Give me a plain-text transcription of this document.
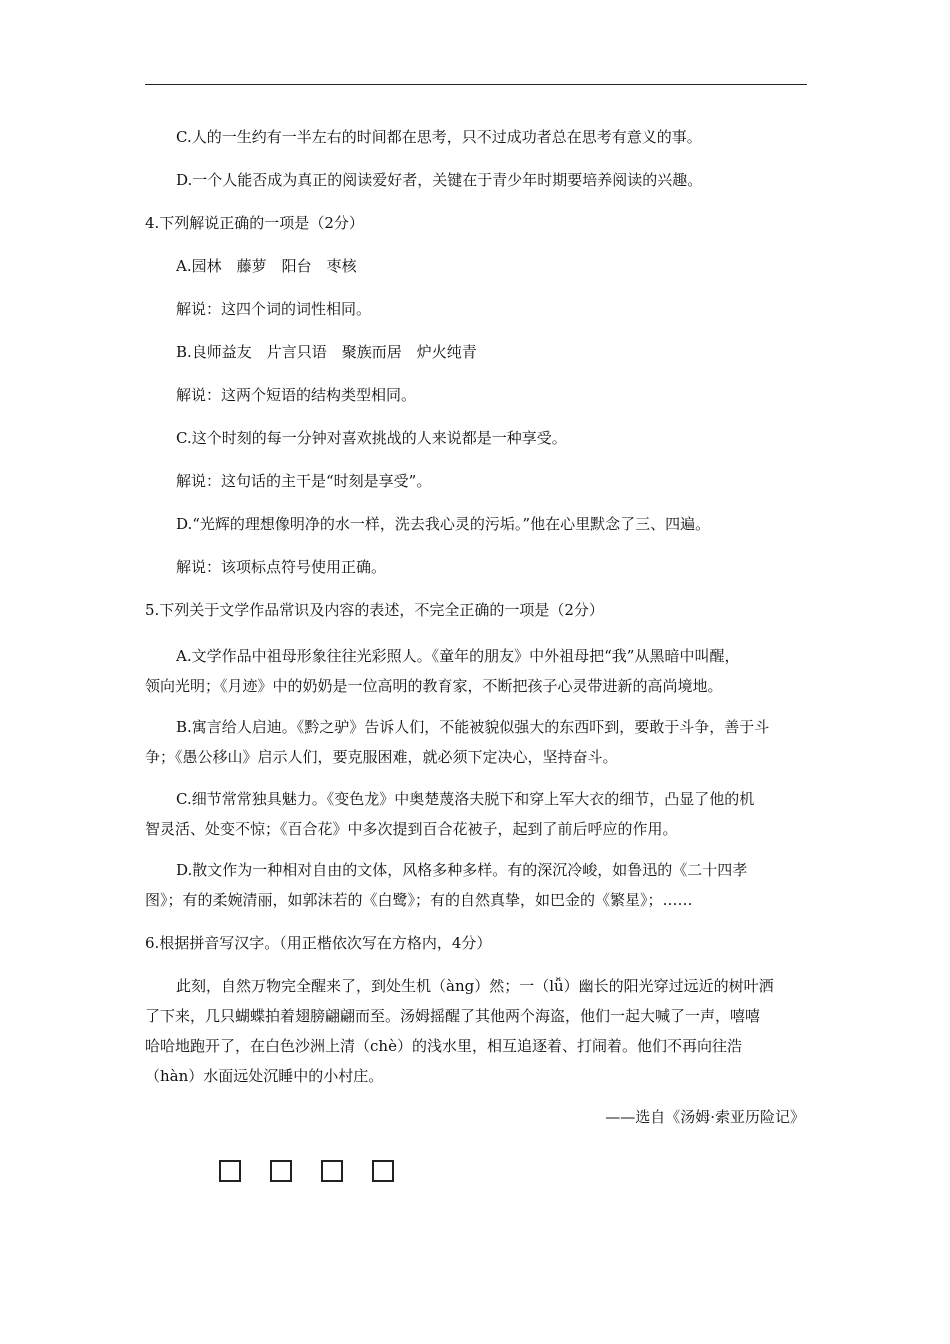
C.人的一生约有一半左右的时间都在思考，只不过成功者总在思考有意义的事。
D.一个人能否成为真正的阅读爱好者，关键在于青少年时期要培养阅读的兴趣。
4.下列解说正确的一项是（2分）
A.园林　藤萝　阳台　枣核
解说：这四个词的词性相同。
B.良师益友　片言只语　聚族而居　炉火纯青
解说：这两个短语的结构类型相同。
C.这个时刻的每一分钟对喜欢挑战的人来说都是一种享受。
解说：这句话的主干是“时刻是享受”。
D.“光辉的理想像明净的水一样，洗去我心灵的污垢。”他在心里默念了三、四遍。
解说：该项标点符号使用正确。
5.下列关于文学作品常识及内容的表述，不完全正确的一项是（2分）
A.文学作品中祖母形象往往光彩照人。《童年的朋友》中外祖母把“我”从黑暗中叫醒，
领向光明；《月迹》中的奶奶是一位高明的教育家，不断把孩子心灵带进新的高尚境地。
B.寓言给人启迪。《黔之驴》告诉人们，不能被貌似强大的东西吓到，要敢于斗争，善于斗
争；《愚公移山》启示人们，要克服困难，就必须下定决心，坚持奋斗。
C.细节常常独具魅力。《变色龙》中奥楚蔑洛夫脱下和穿上军大衣的细节，凸显了他的机
智灵活、处变不惊；《百合花》中多次提到百合花被子，起到了前后呼应的作用。
D.散文作为一种相对自由的文体，风格多种多样。有的深沉冷峻，如鲁迅的《二十四孝
图》；有的柔婉清丽，如郭沫若的《白鹭》；有的自然真挚，如巴金的《繁星》；……
6.根据拼音写汉字。（用正楷依次写在方格内，4分）
此刻，自然万物完全醒来了，到处生机（àng）然；一（lǚ）幽长的阳光穿过远近的树叶洒
了下来，几只蝴蝶拍着翅膀翩翩而至。汤姆摇醒了其他两个海盗，他们一起大喊了一声，嘻嘻
哈哈地跑开了，在白色沙洲上清（chè）的浅水里，相互追逐着、打闹着。他们不再向往浩
（hàn）水面远处沉睡中的小村庄。
——选自《汤姆·索亚历险记》
